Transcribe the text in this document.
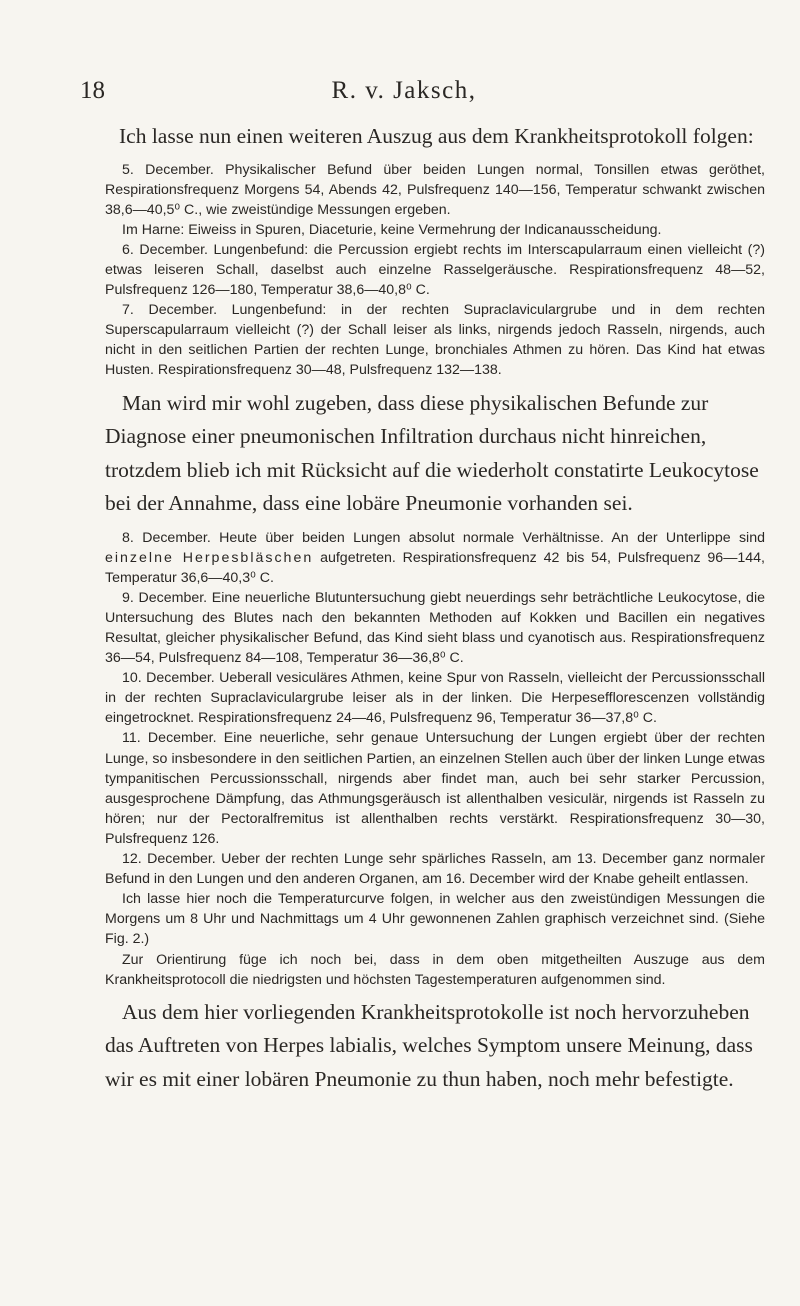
18	R. v. Jaksch,

Ich lasse nun einen weiteren Auszug aus dem Krankheitsprotokoll folgen:

5. December. Physikalischer Befund über beiden Lungen normal, Tonsillen etwas geröthet, Respirationsfrequenz Morgens 54, Abends 42, Pulsfrequenz 140—156, Temperatur schwankt zwischen 38,6—40,5⁰ C., wie zweistündige Messungen ergeben.

Im Harne: Eiweiss in Spuren, Diaceturie, keine Vermehrung der Indicanausscheidung.

6. December. Lungenbefund: die Percussion ergiebt rechts im Interscapularraum einen vielleicht (?) etwas leiseren Schall, daselbst auch einzelne Rasselgeräusche. Respirationsfrequenz 48—52, Pulsfrequenz 126—180, Temperatur 38,6—40,8⁰ C.

7. December. Lungenbefund: in der rechten Supraclaviculargrube und in dem rechten Superscapularraum vielleicht (?) der Schall leiser als links, nirgends jedoch Rasseln, nirgends, auch nicht in den seitlichen Partien der rechten Lunge, bronchiales Athmen zu hören. Das Kind hat etwas Husten. Respirationsfrequenz 30—48, Pulsfrequenz 132—138.

Man wird mir wohl zugeben, dass diese physikalischen Befunde zur Diagnose einer pneumonischen Infiltration durchaus nicht hinreichen, trotzdem blieb ich mit Rücksicht auf die wiederholt constatirte Leukocytose bei der Annahme, dass eine lobäre Pneumonie vorhanden sei.

8. December. Heute über beiden Lungen absolut normale Verhältnisse. An der Unterlippe sind einzelne Herpesbläschen aufgetreten. Respirationsfrequenz 42 bis 54, Pulsfrequenz 96—144, Temperatur 36,6—40,3⁰ C.

9. December. Eine neuerliche Blutuntersuchung giebt neuerdings sehr beträchtliche Leukocytose, die Untersuchung des Blutes nach den bekannten Methoden auf Kokken und Bacillen ein negatives Resultat, gleicher physikalischer Befund, das Kind sieht blass und cyanotisch aus. Respirationsfrequenz 36—54, Pulsfrequenz 84—108, Temperatur 36—36,8⁰ C.

10. December. Ueberall vesiculäres Athmen, keine Spur von Rasseln, vielleicht der Percussionsschall in der rechten Supraclaviculargrube leiser als in der linken. Die Herpesefflorescenzen vollständig eingetrocknet. Respirationsfrequenz 24—46, Pulsfrequenz 96, Temperatur 36—37,8⁰ C.

11. December. Eine neuerliche, sehr genaue Untersuchung der Lungen ergiebt über der rechten Lunge, so insbesondere in den seitlichen Partien, an einzelnen Stellen auch über der linken Lunge etwas tympanitischen Percussionsschall, nirgends aber findet man, auch bei sehr starker Percussion, ausgesprochene Dämpfung, das Athmungsgeräusch ist allenthalben vesiculär, nirgends ist Rasseln zu hören; nur der Pectoralfremitus ist allenthalben rechts verstärkt. Respirationsfrequenz 30—30, Pulsfrequenz 126.

12. December. Ueber der rechten Lunge sehr spärliches Rasseln, am 13. December ganz normaler Befund in den Lungen und den anderen Organen, am 16. December wird der Knabe geheilt entlassen.

Ich lasse hier noch die Temperaturcurve folgen, in welcher aus den zweistündigen Messungen die Morgens um 8 Uhr und Nachmittags um 4 Uhr gewonnenen Zahlen graphisch verzeichnet sind. (Siehe Fig. 2.)

Zur Orientirung füge ich noch bei, dass in dem oben mitgetheilten Auszuge aus dem Krankheitsprotocoll die niedrigsten und höchsten Tagestemperaturen aufgenommen sind.

Aus dem hier vorliegenden Krankheitsprotokolle ist noch hervorzuheben das Auftreten von Herpes labialis, welches Symptom unsere Meinung, dass wir es mit einer lobären Pneumonie zu thun haben, noch mehr befestigte.
